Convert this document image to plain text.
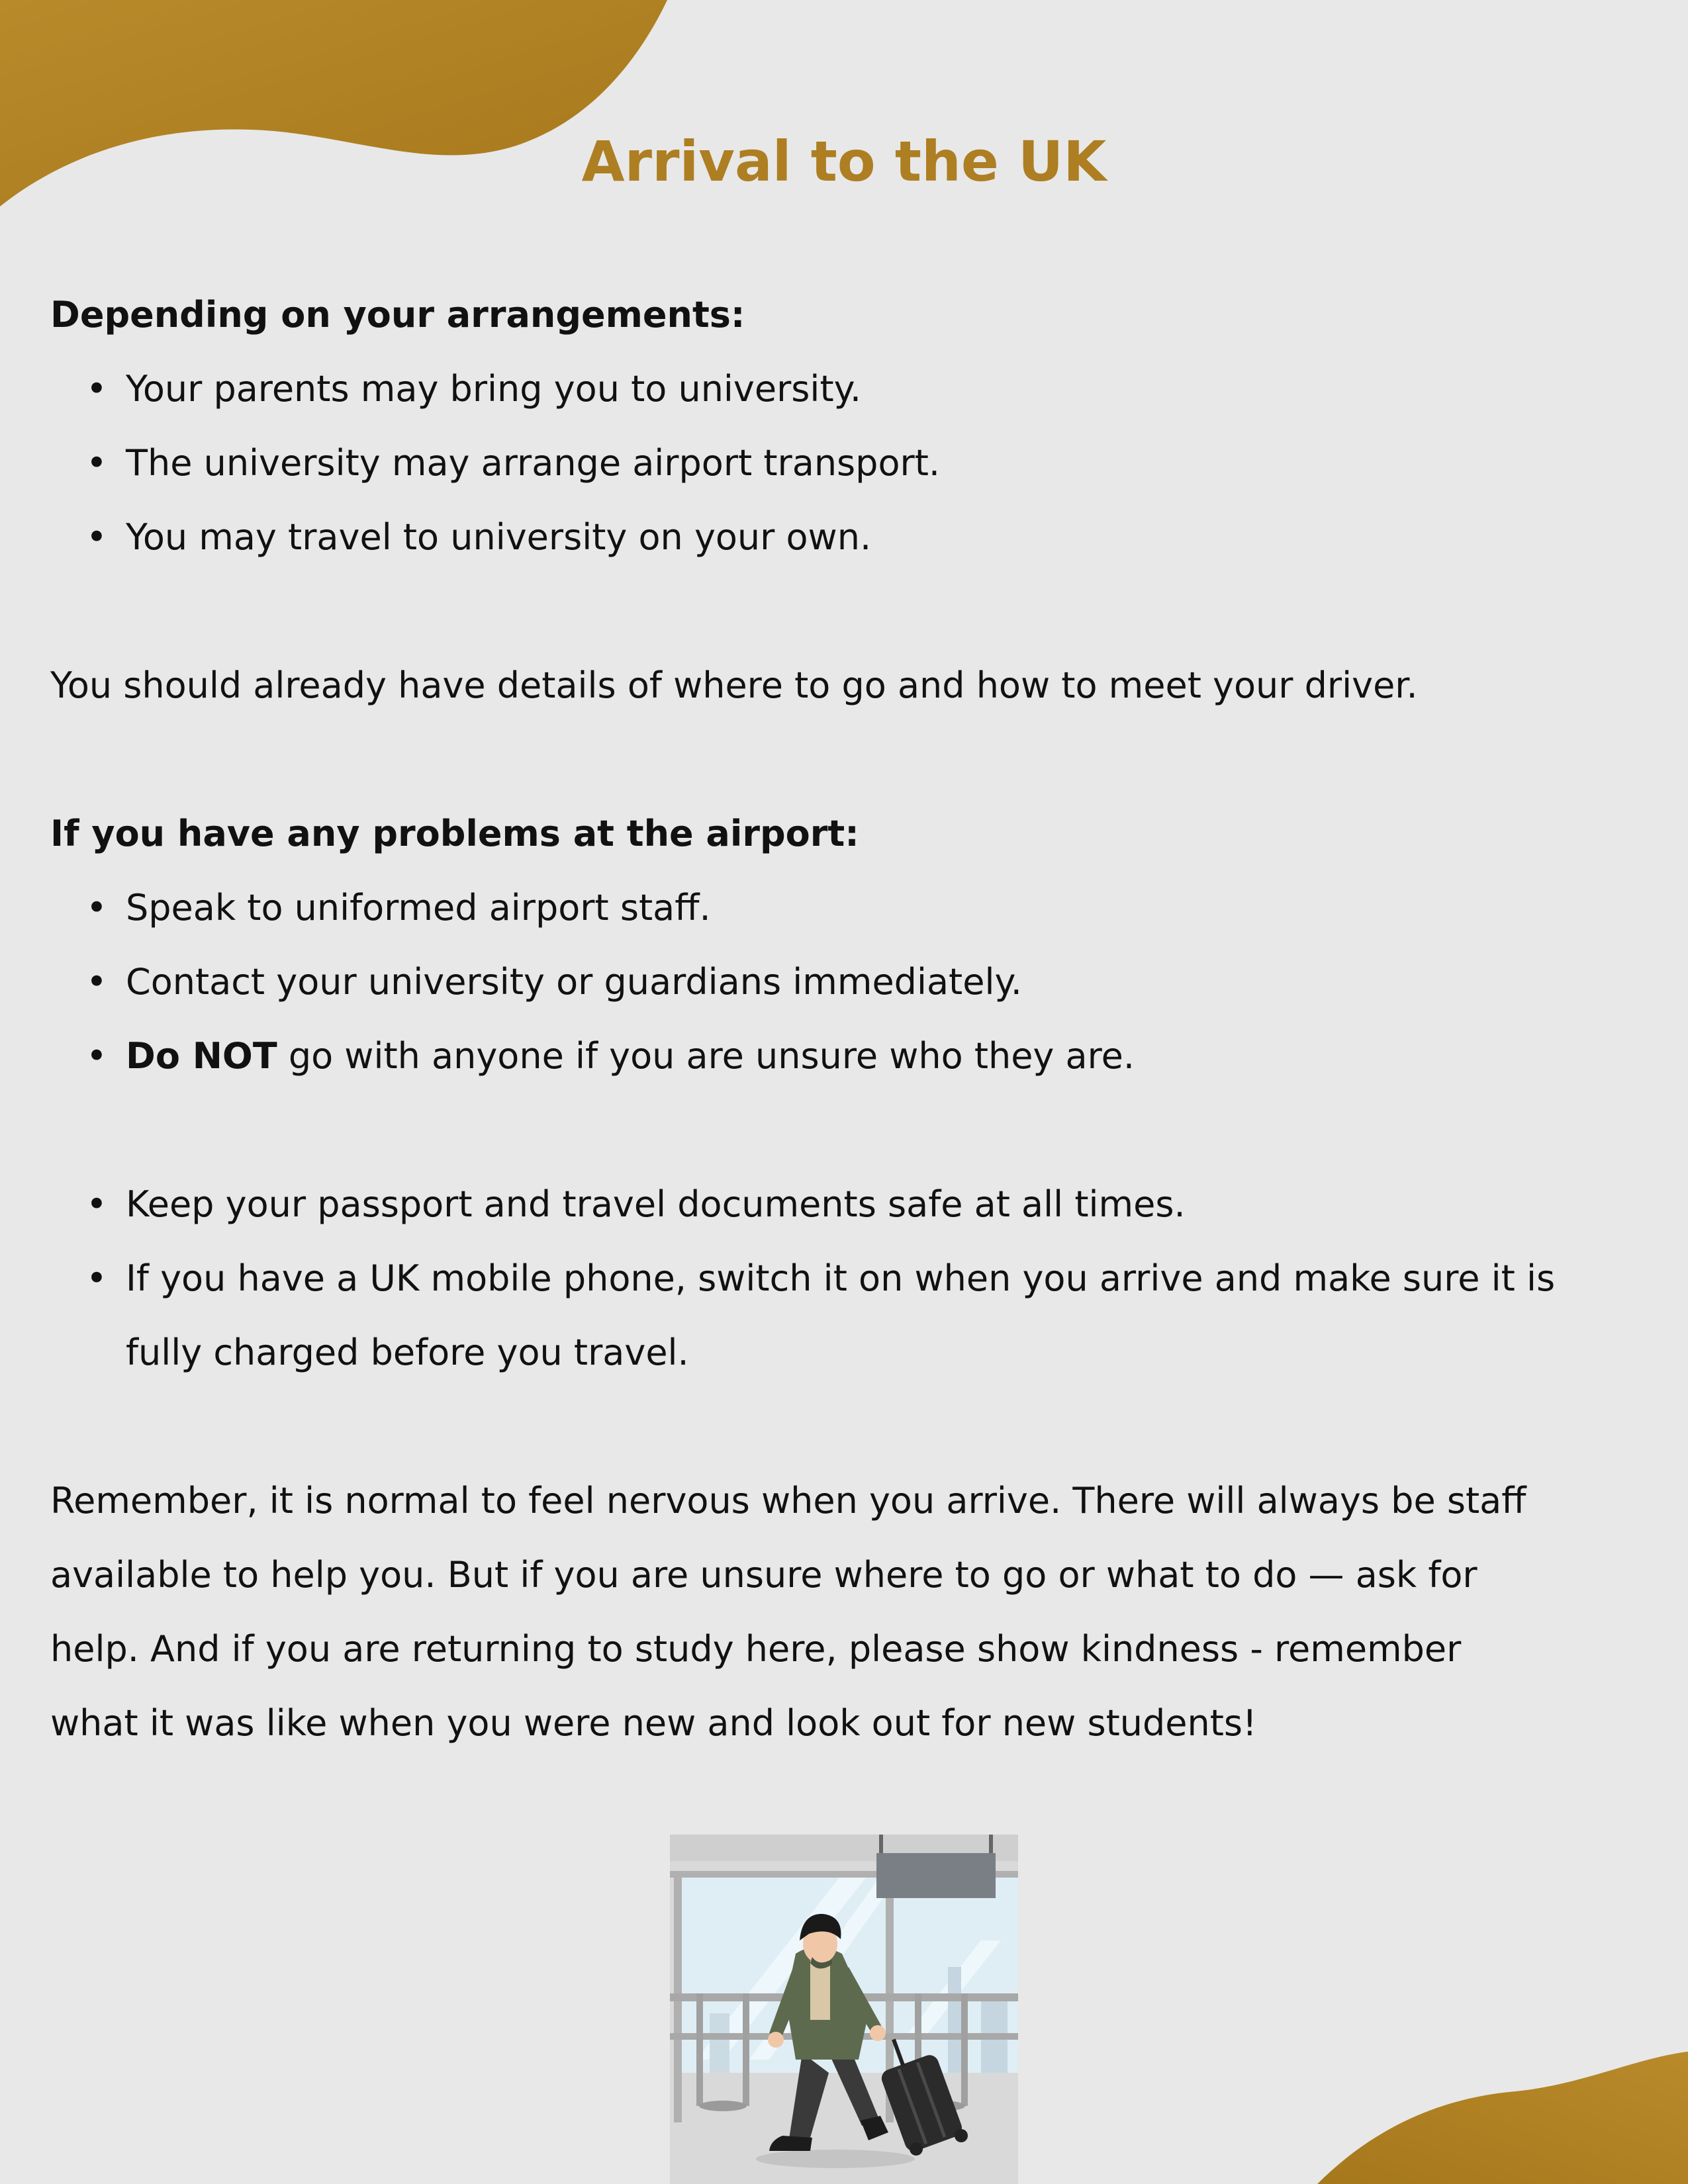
Arrival to the UK

Depending on your arrangements:

• Your parents may bring you to university.
• The university may arrange airport transport.
• You may travel to university on your own.

You should already have details of where to go and how to meet your driver.

If you have any problems at the airport:

• Speak to uniformed airport staff.
• Contact your university or guardians immediately.
• Do NOT go with anyone if you are unsure who they are.
• Keep your passport and travel documents safe at all times.
• If you have a UK mobile phone, switch it on when you arrive and make sure it is
fully charged before you travel.
Remember, it is normal to feel nervous when you arrive. There will always be staff
available to help you. But if you are unsure where to go or what to do — ask for
help. And if you are returning to study here, please show kindness - remember
what it was like when you were new and look out for new students!
